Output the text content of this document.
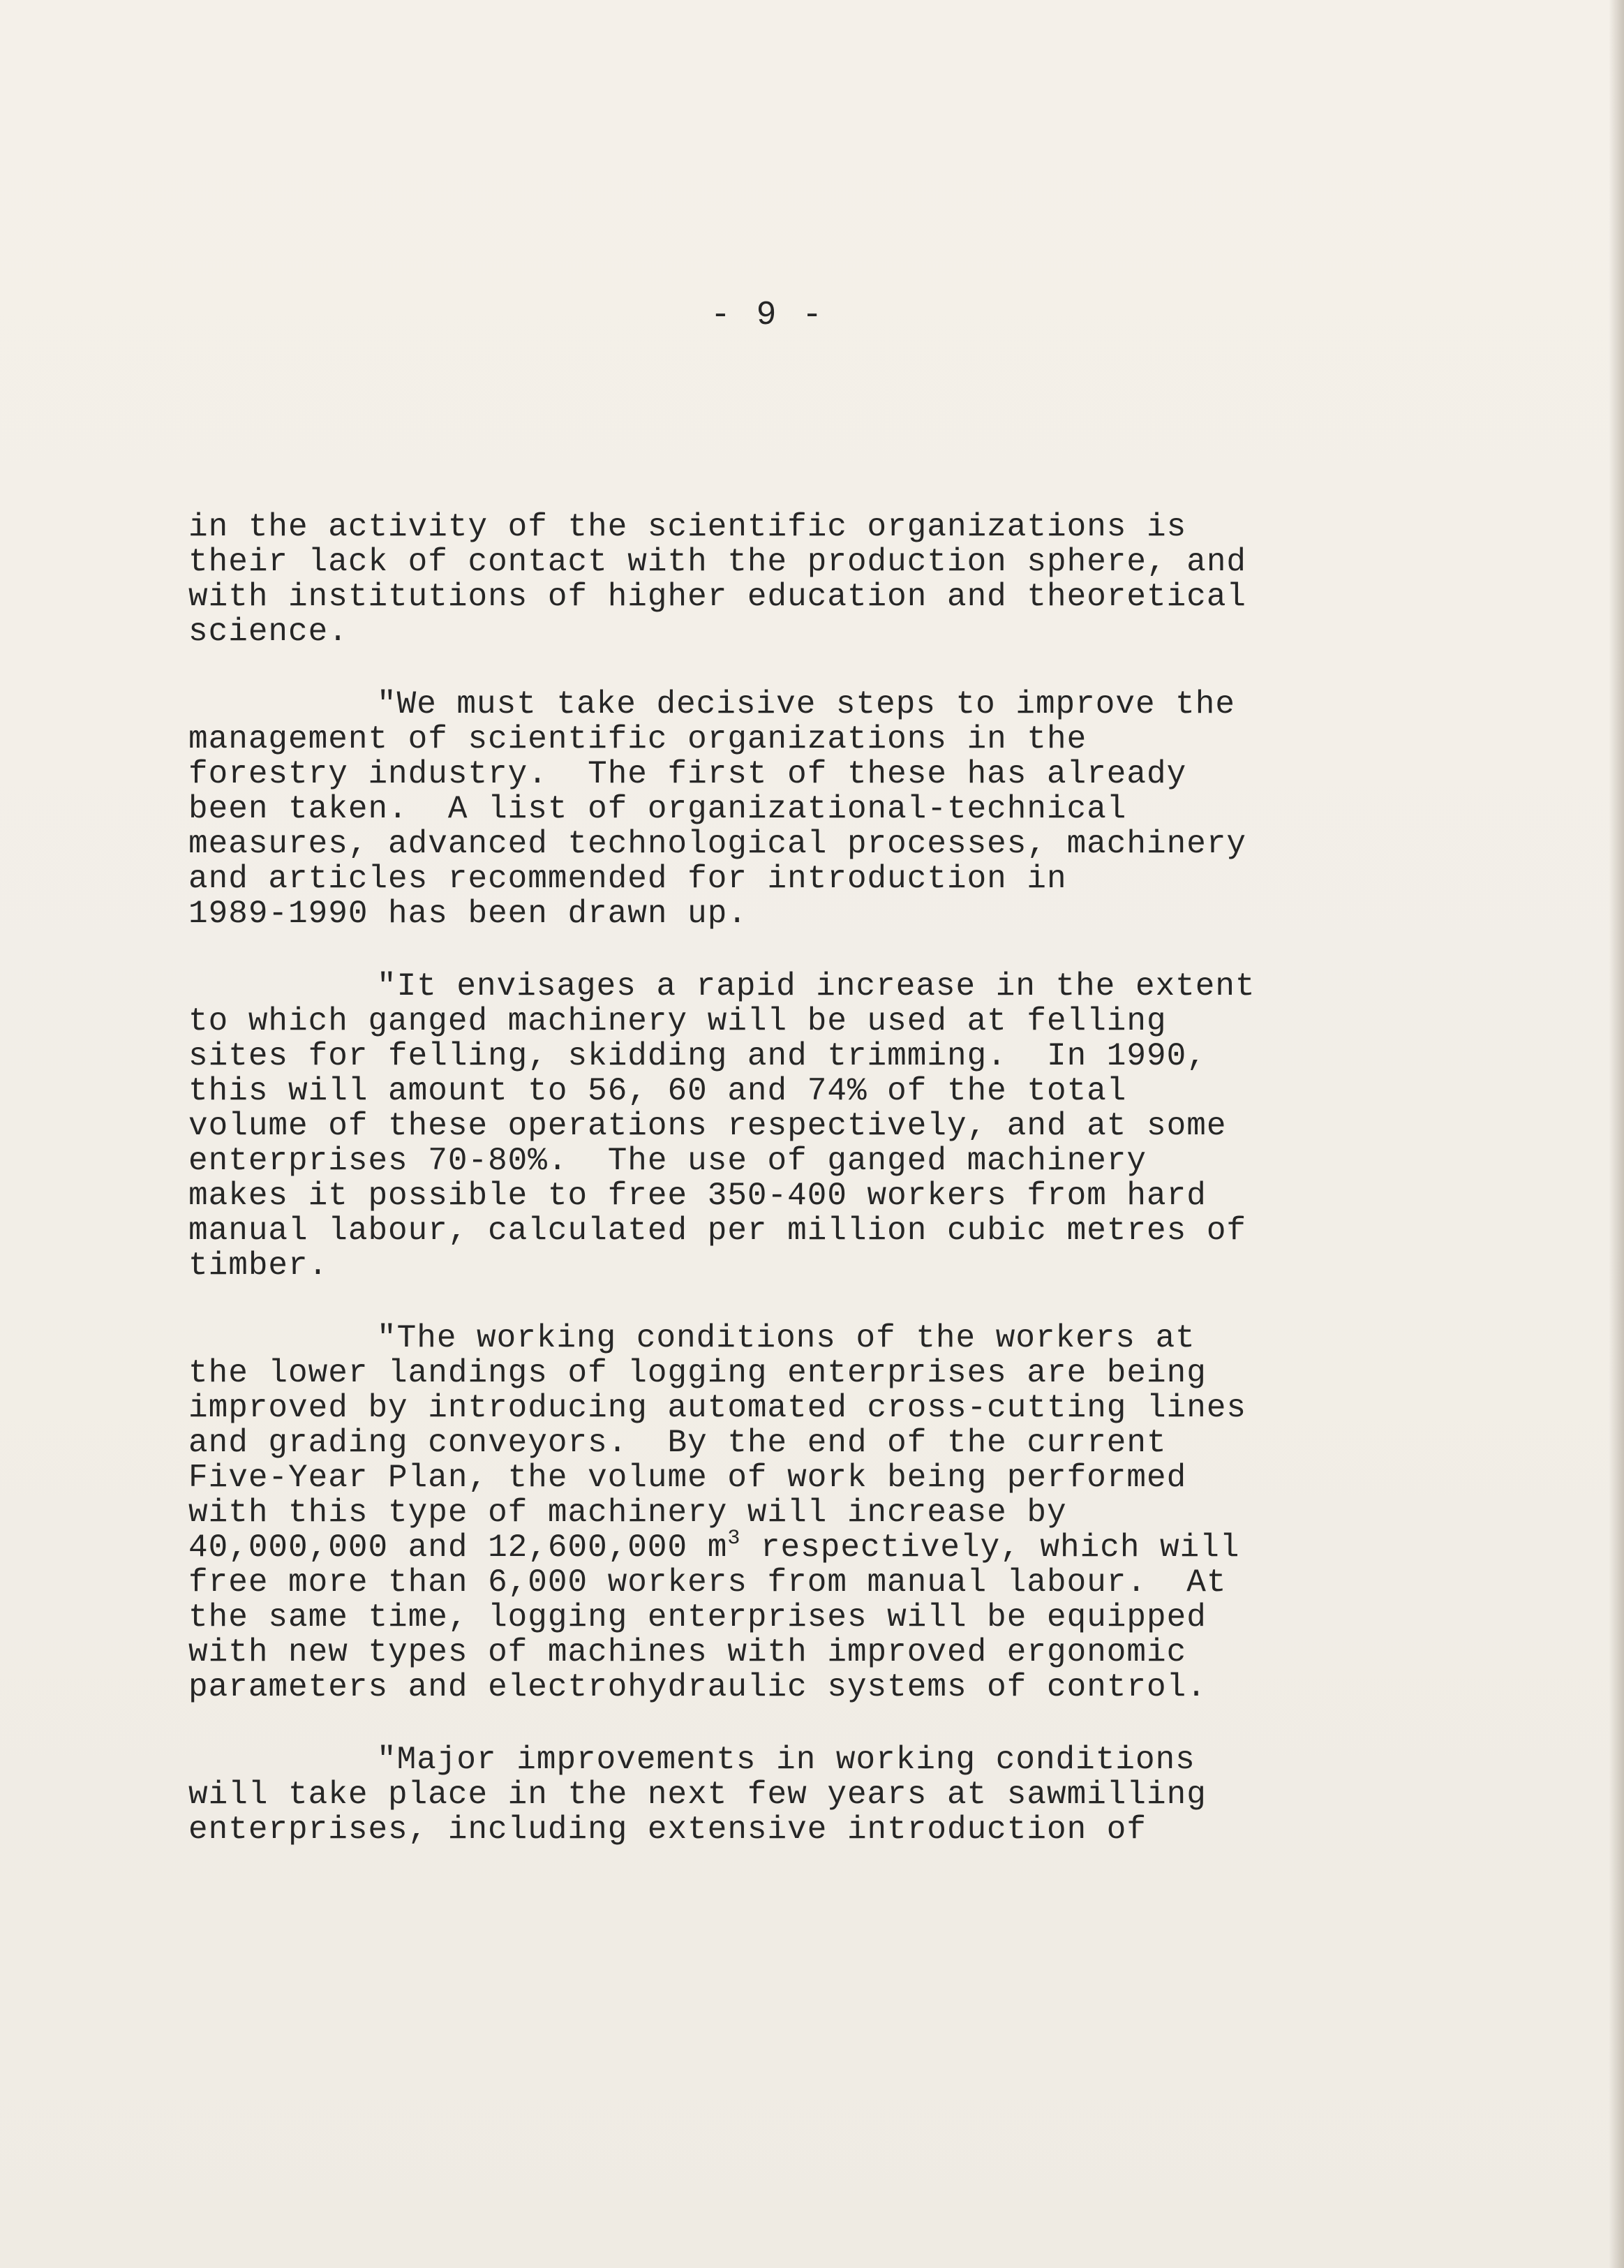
- 9 -

in the activity of the scientific organizations is
their lack of contact with the production sphere, and
with institutions of higher education and theoretical
science.

"We must take decisive steps to improve the
management of scientific organizations in the
forestry industry.  The first of these has already
been taken.  A list of organizational-technical
measures, advanced technological processes, machinery
and articles recommended for introduction in
1989-1990 has been drawn up.

"It envisages a rapid increase in the extent
to which ganged machinery will be used at felling
sites for felling, skidding and trimming.  In 1990,
this will amount to 56, 60 and 74% of the total
volume of these operations respectively, and at some
enterprises 70-80%.  The use of ganged machinery
makes it possible to free 350-400 workers from hard
manual labour, calculated per million cubic metres of
timber.

"The working conditions of the workers at
the lower landings of logging enterprises are being
improved by introducing automated cross-cutting lines
and grading conveyors.  By the end of the current
Five-Year Plan, the volume of work being performed
with this type of machinery will increase by
40,000,000 and 12,600,000 $m^3$ respectively, which will
free more than 6,000 workers from manual labour.  At
the same time, logging enterprises will be equipped
with new types of machines with improved ergonomic
parameters and electrohydraulic systems of control.

"Major improvements in working conditions
will take place in the next few years at sawmilling
enterprises, including extensive introduction of
